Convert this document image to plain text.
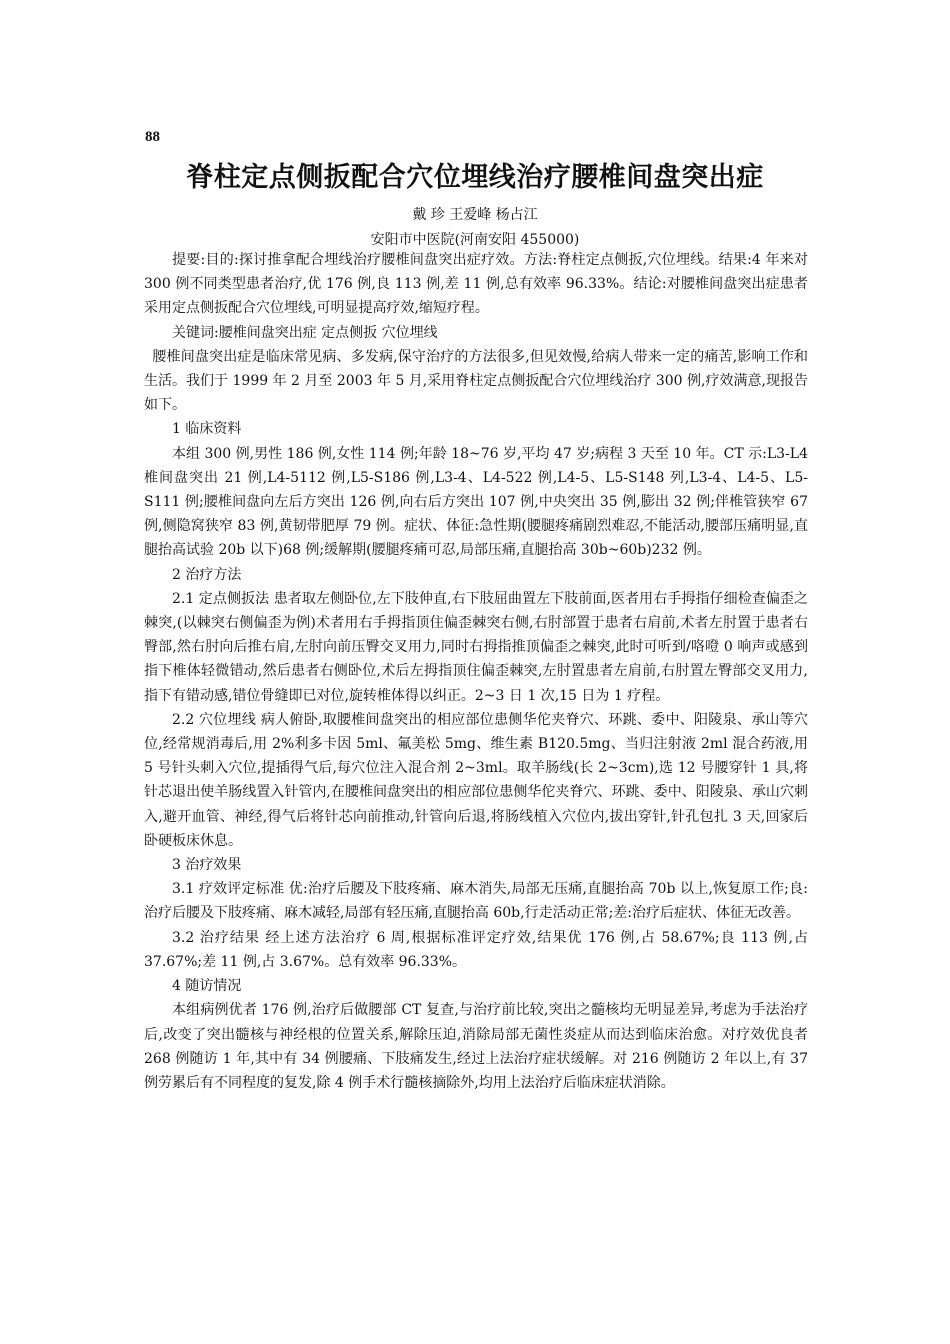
88
脊柱定点侧扳配合穴位埋线治疗腰椎间盘突出症
戴 珍 王爱峰 杨占江
安阳市中医院(河南安阳 455000)

提要:目的:探讨推拿配合埋线治疗腰椎间盘突出症疗效。方法:脊柱定点侧扳,穴位埋线。结果:4 年来对 300 例不同类型患者治疗,优 176 例,良 113 例,差 11 例,总有效率 96.33%。结论:对腰椎间盘突出症患者采用定点侧扳配合穴位埋线,可明显提高疗效,缩短疗程。

关键词:腰椎间盘突出症 定点侧扳 穴位埋线

腰椎间盘突出症是临床常见病、多发病,保守治疗的方法很多,但见效慢,给病人带来一定的痛苦,影响工作和生活。我们于 1999 年 2 月至 2003 年 5 月,采用脊柱定点侧扳配合穴位埋线治疗 300 例,疗效满意,现报告如下。

1 临床资料

本组 300 例,男性 186 例,女性 114 例;年龄 18~76 岁,平均 47 岁;病程 3 天至 10 年。CT 示:L3-L4 椎间盘突出 21 例,L4-5112 例,L5-S186 例,L3-4、L4-522 例,L4-5、L5-S148 列,L3-4、L4-5、L5-S111 例;腰椎间盘向左后方突出 126 例,向右后方突出 107 例,中央突出 35 例,膨出 32 例;伴椎管狭窄 67 例,侧隐窝狭窄 83 例,黄韧带肥厚 79 例。症状、体征:急性期(腰腿疼痛剧烈难忍,不能活动,腰部压痛明显,直腿抬高试验 20b 以下)68 例;缓解期(腰腿疼痛可忍,局部压痛,直腿抬高 30b~60b)232 例。

2 治疗方法

2.1 定点侧扳法 患者取左侧卧位,左下肢伸直,右下肢屈曲置左下肢前面,医者用右手拇指仔细检查偏歪之棘突,(以棘突右侧偏歪为例)术者用右手拇指顶住偏歪棘突右侧,右肘部置于患者右肩前,术者左肘置于患者右臀部,然右肘向后推右肩,左肘向前压臀交叉用力,同时右拇指推顶偏歪之棘突,此时可听到/咯噔 0 响声或感到指下椎体轻微错动,然后患者右侧卧位,术后左拇指顶住偏歪棘突,左肘置患者左肩前,右肘置左臀部交叉用力,指下有错动感,错位骨缝即已对位,旋转椎体得以纠正。2~3 日 1 次,15 日为 1 疗程。

2.2 穴位埋线 病人俯卧,取腰椎间盘突出的相应部位患侧华佗夹脊穴、环跳、委中、阳陵泉、承山等穴位,经常规消毒后,用 2%利多卡因 5ml、氟美松 5mg、维生素 B120.5mg、当归注射液 2ml 混合药液,用 5 号针头刺入穴位,提插得气后,每穴位注入混合剂 2~3ml。取羊肠线(长 2~3cm),选 12 号腰穿针 1 具,将针芯退出使羊肠线置入针管内,在腰椎间盘突出的相应部位患侧华佗夹脊穴、环跳、委中、阳陵泉、承山穴刺入,避开血管、神经,得气后将针芯向前推动,针管向后退,将肠线植入穴位内,拔出穿针,针孔包扎 3 天,回家后卧硬板床休息。

3 治疗效果

3.1 疗效评定标准 优:治疗后腰及下肢疼痛、麻木消失,局部无压痛,直腿抬高 70b 以上,恢复原工作;良:治疗后腰及下肢疼痛、麻木减轻,局部有轻压痛,直腿抬高 60b,行走活动正常;差:治疗后症状、体征无改善。

3.2 治疗结果 经上述方法治疗 6 周,根据标准评定疗效,结果优 176 例,占 58.67%;良 113 例,占 37.67%;差 11 例,占 3.67%。总有效率 96.33%。

4 随访情况

本组病例优者 176 例,治疗后做腰部 CT 复查,与治疗前比较,突出之髓核均无明显差异,考虑为手法治疗后,改变了突出髓核与神经根的位置关系,解除压迫,消除局部无菌性炎症从而达到临床治愈。对疗效优良者 268 例随访 1 年,其中有 34 例腰痛、下肢痛发生,经过上法治疗症状缓解。对 216 例随访 2 年以上,有 37 例劳累后有不同程度的复发,除 4 例手术行髓核摘除外,均用上法治疗后临床症状消除。
